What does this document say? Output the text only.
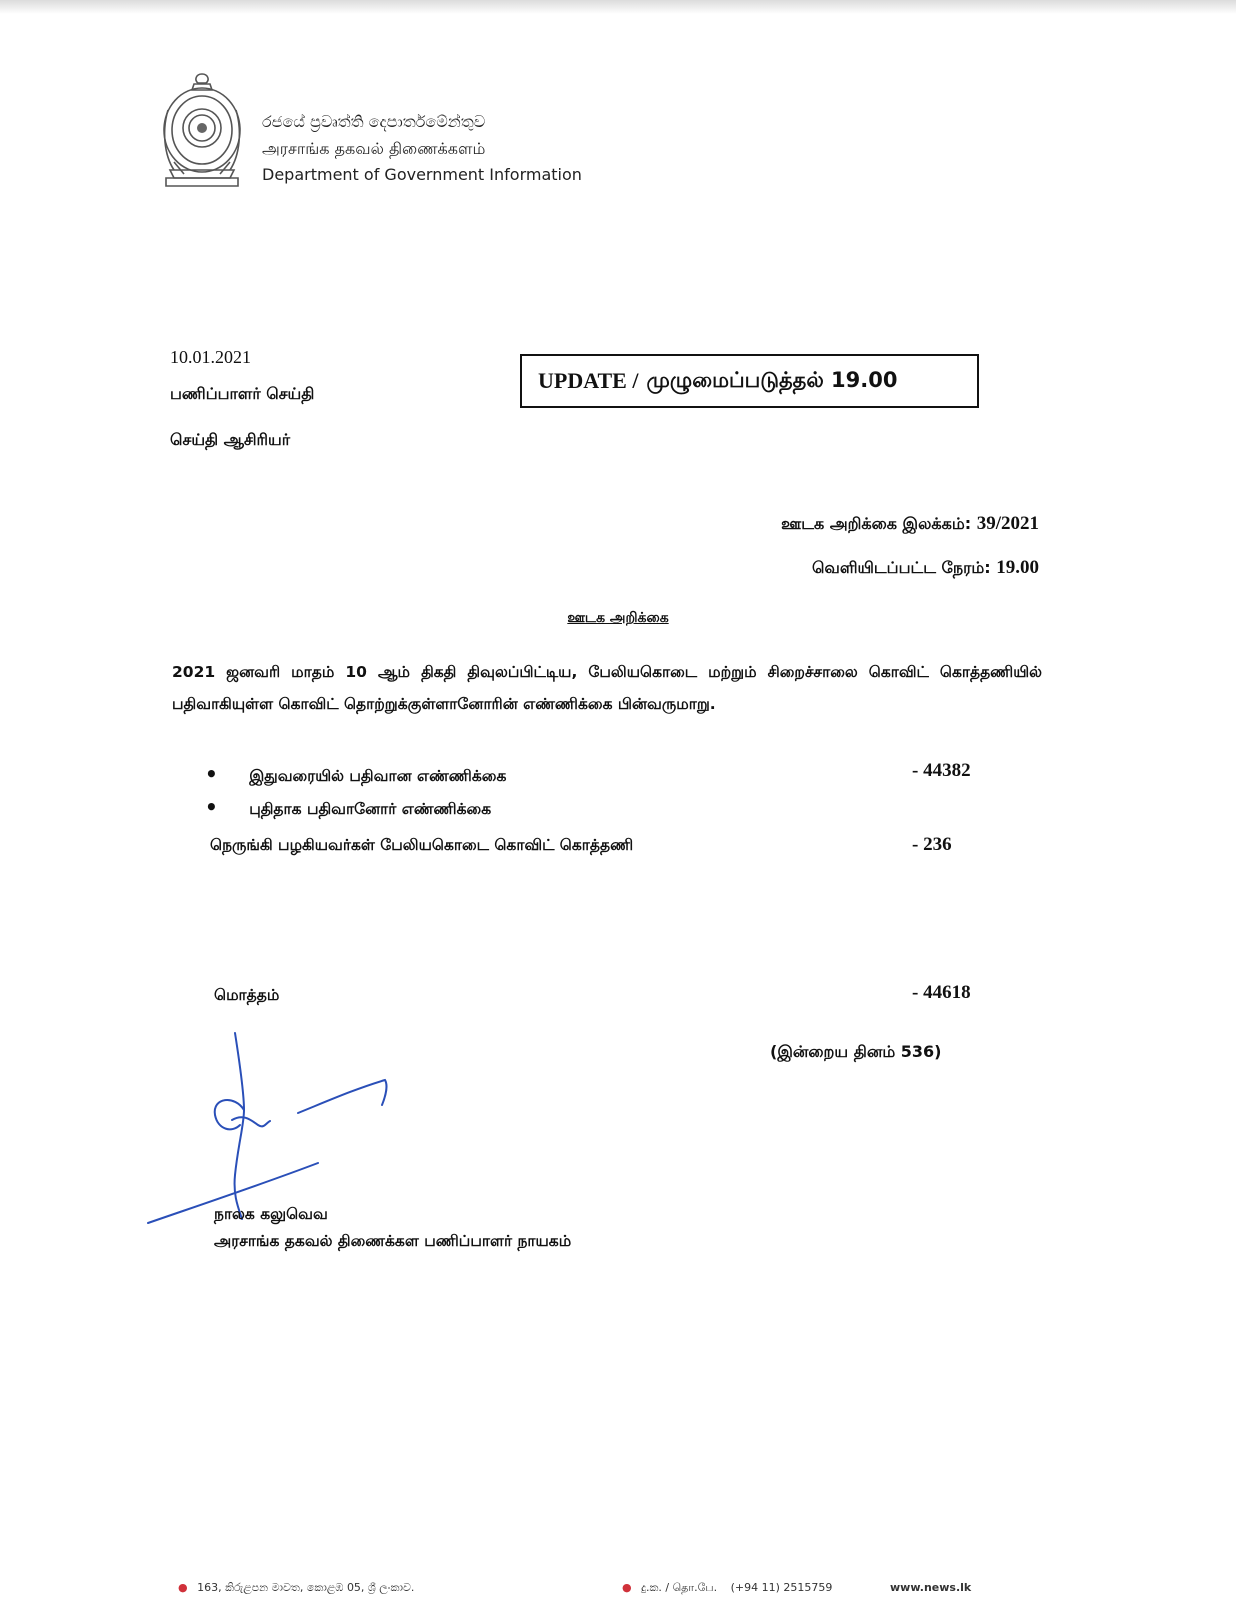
රජයේ ප්‍රවෘත්ති දෙපාර්තමේන්තුව
அரசாங்க தகவல் திணைக்களம்
Department of Government Information
10.01.2021
பணிப்பாளர் செய்தி
செய்தி ஆசிரியர்
UPDATE / முழுமைப்படுத்தல் 19.00
ஊடக அறிக்கை இலக்கம்: 39/2021
வெளியிடப்பட்ட நேரம்: 19.00
ஊடக அறிக்கை
2021 ஜனவரி மாதம் 10 ஆம் திகதி திவுலப்பிட்டிய, பேலியகொடை மற்றும் சிறைச்சாலை கொவிட் கொத்தணியில் பதிவாகியுள்ள கொவிட் தொற்றுக்குள்ளானோரின் எண்ணிக்கை பின்வருமாறு.
• இதுவரையில் பதிவான எண்ணிக்கை	- 44382
• புதிதாக பதிவானோர் எண்ணிக்கை
நெருங்கி பழகியவர்கள் பேலியகொடை கொவிட் கொத்தணி	- 236
மொத்தம்	- 44618
(இன்றைய தினம் 536)
நாலக கலுவெவ
அரசாங்க தகவல் திணைக்கள பணிப்பாளர் நாயகம்
● 163, කිරුළපන මාවත, කොළඹ 05, ශ්‍රී ලංකාව.	● දු.ක. / தொ.பே. (+94 11) 2515759	www.news.lk
